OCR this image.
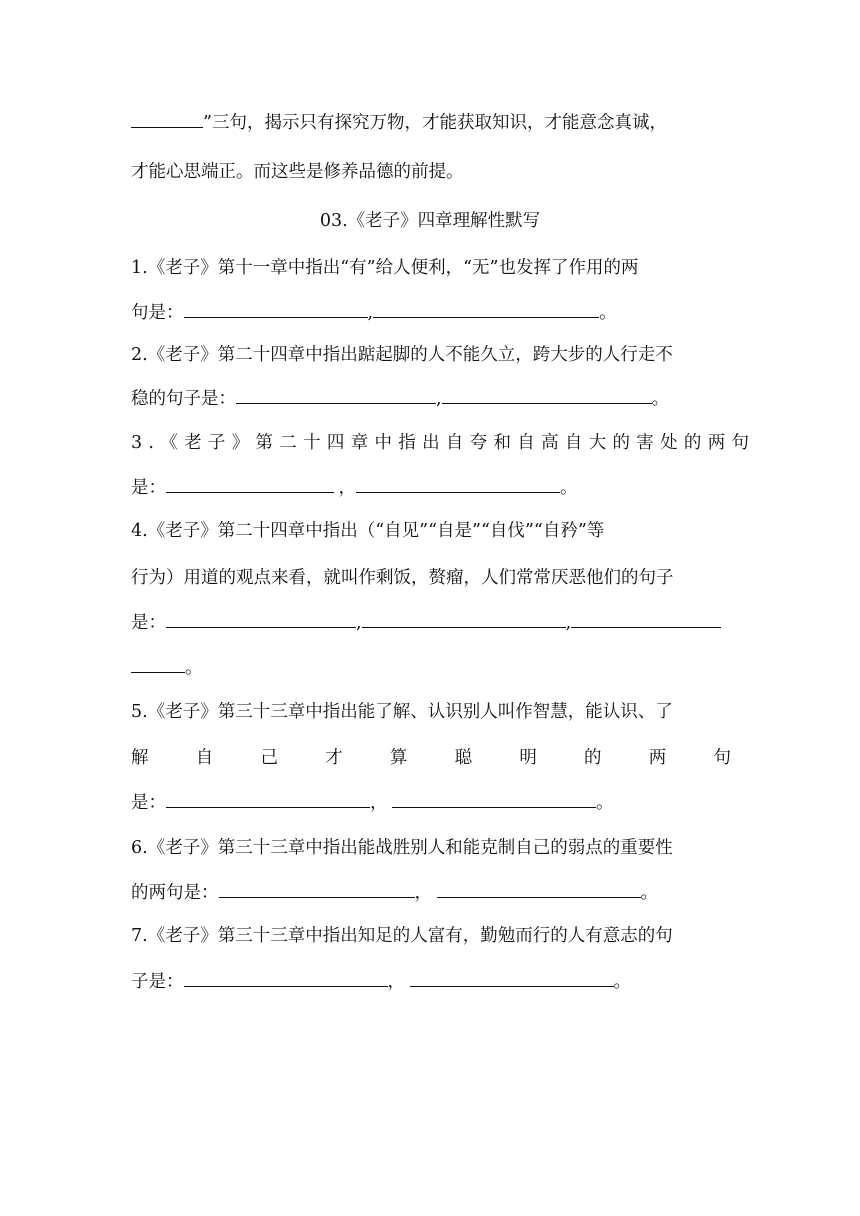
”三句，揭示只有探究万物，才能获取知识，才能意念真诚，
才能心思端正。而这些是修养品德的前提。
03.《老子》四章理解性默写
1.《老子》第十一章中指出“有”给人便利，“无”也发挥了作用的两
句是：	,	。
2.《老子》第二十四章中指出踮起脚的人不能久立，跨大步的人行走不
稳的句子是：	,	。
3.《老子》第二十四章中指出自夸和自高自大的害处的两句
是：	，	。
4.《老子》第二十四章中指出（“自见”“自是”“自伐”“自矜”等
行为）用道的观点来看，就叫作剩饭，赘瘤，人们常常厌恶他们的句子
是：	,	,
。
5.《老子》第三十三章中指出能了解、认识别人叫作智慧，能认识、了
解	自	己	才	算	聪	明	的	两	句
是：	，	。
6.《老子》第三十三章中指出能战胜别人和能克制自己的弱点的重要性
的两句是：	，	。
7.《老子》第三十三章中指出知足的人富有，勤勉而行的人有意志的句
子是：	，	。
